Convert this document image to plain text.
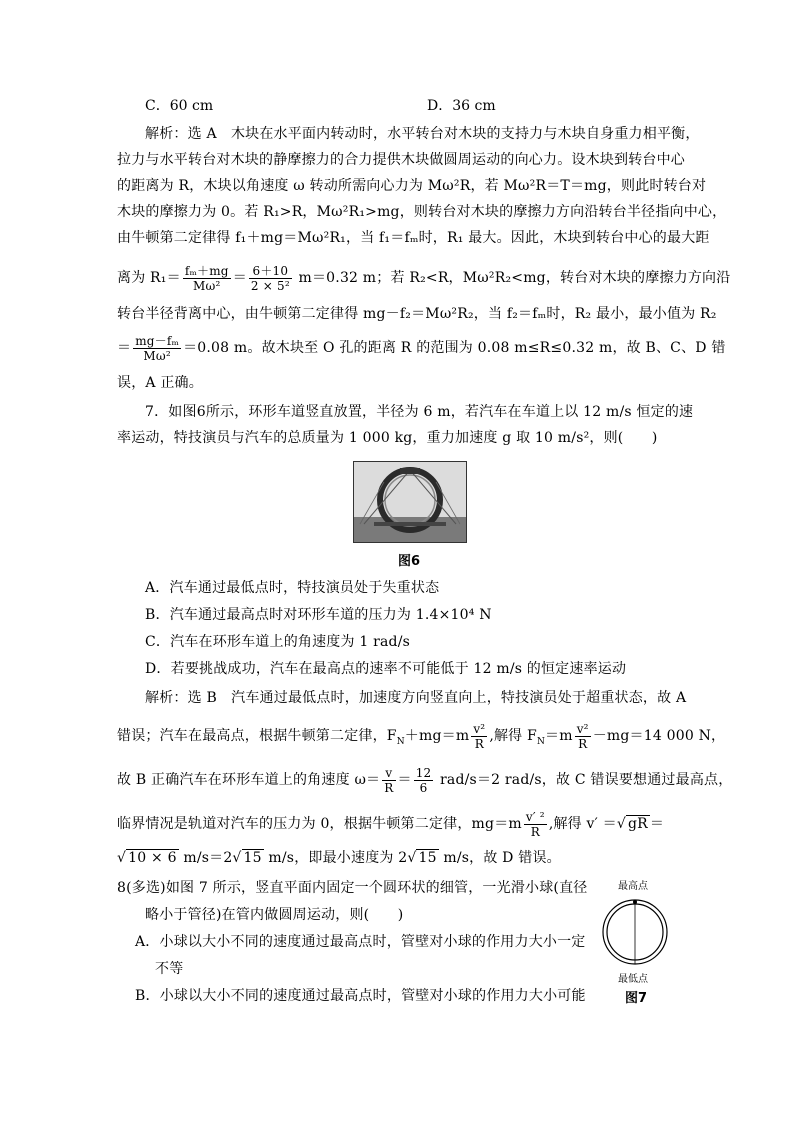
C．60 cm	D．36 cm
解析：选 A　木块在水平面内转动时，水平转台对木块的支持力与木块自身重力相平衡，
拉力与水平转台对木块的静摩擦力的合力提供木块做圆周运动的向心力。设木块到转台中心
的距离为 R，木块以角速度 ω 转动所需向心力为 Mω²R，若 Mω²R＝T＝mg，则此时转台对
木块的摩擦力为 0。若 R₁>R，Mω²R₁>mg，则转台对木块的摩擦力方向沿转台半径指向中心，
由牛顿第二定律得 f₁＋mg＝Mω²R₁，当 f₁＝fₘ时，R₁ 最大。因此，木块到转台中心的最大距
离为 $R_1= \frac{\text{fₘ＋mg}}{\text{Mω²}} = \frac{6+10}{\text{2 × 5²}} m=0.32$ m；若 R₂<R，Mω²R₂<mg，转台对木块的摩擦力方向沿
转台半径背离中心，由牛顿第二定律得 mg－f₂＝Mω²R₂，当 f₂＝fₘ时，R₂ 最小，最小值为 R₂
＝ $\frac{\text{mg－fₘ}}{\text{Mω²}} =0.08$ m。故木块至 O 孔的距离 R 的范围为 0.08 m≤R≤0.32 m，故 B、C、D 错
误，A 正确。
7．如图6所示，环形车道竖直放置，半径为 6 m，若汽车在车道上以 12 m/s 恒定的速
率运动，特技演员与汽车的总质量为 1 000 kg，重力加速度 g 取 10 m/s²，则(　　)
图6
A．汽车通过最低点时，特技演员处于失重状态
B．汽车通过最高点时对环形车道的压力为 1.4×10⁴ N
C．汽车在环形车道上的角速度为 1 rad/s
D．若要挑战成功，汽车在最高点的速率不可能低于 12 m/s 的恒定速率运动
解析：选 B　汽车通过最低点时，加速度方向竖直向上，特技演员处于超重状态，故 A
错误；汽车在最高点，根据牛顿第二定律，$F_N+mg=m \frac{\text{v²}}{R}$ ,解得 $F_N=m \frac{\text{v²}}{R} -mg=14$ 000 N，
故 B 正确汽车在环形车道上的角速度 $\omega= \frac{v}{R} = \frac{12}{6} rad/s=2$ rad/s，故 C 错误要想通过最高点，
临界情况是轨道对汽车的压力为 0，根据牛顿第二定律，$mg=m \frac{\text{v′ ²}}{R}$ ,解得 v′ ＝√ gR ＝
√ 10 × 6 m/s＝2√ 15 m/s，即最小速度为 2√ 15 m/s，故 D 错误。
8(多选)如图 7 所示，竖直平面内固定一个圆环状的细管，一光滑小球(直径
略小于管径)在管内做圆周运动，则(　　)
A．小球以大小不同的速度通过最高点时，管壁对小球的作用力大小一定
不等
B．小球以大小不同的速度通过最高点时，管壁对小球的作用力大小可能
最高点
最低点
图7
